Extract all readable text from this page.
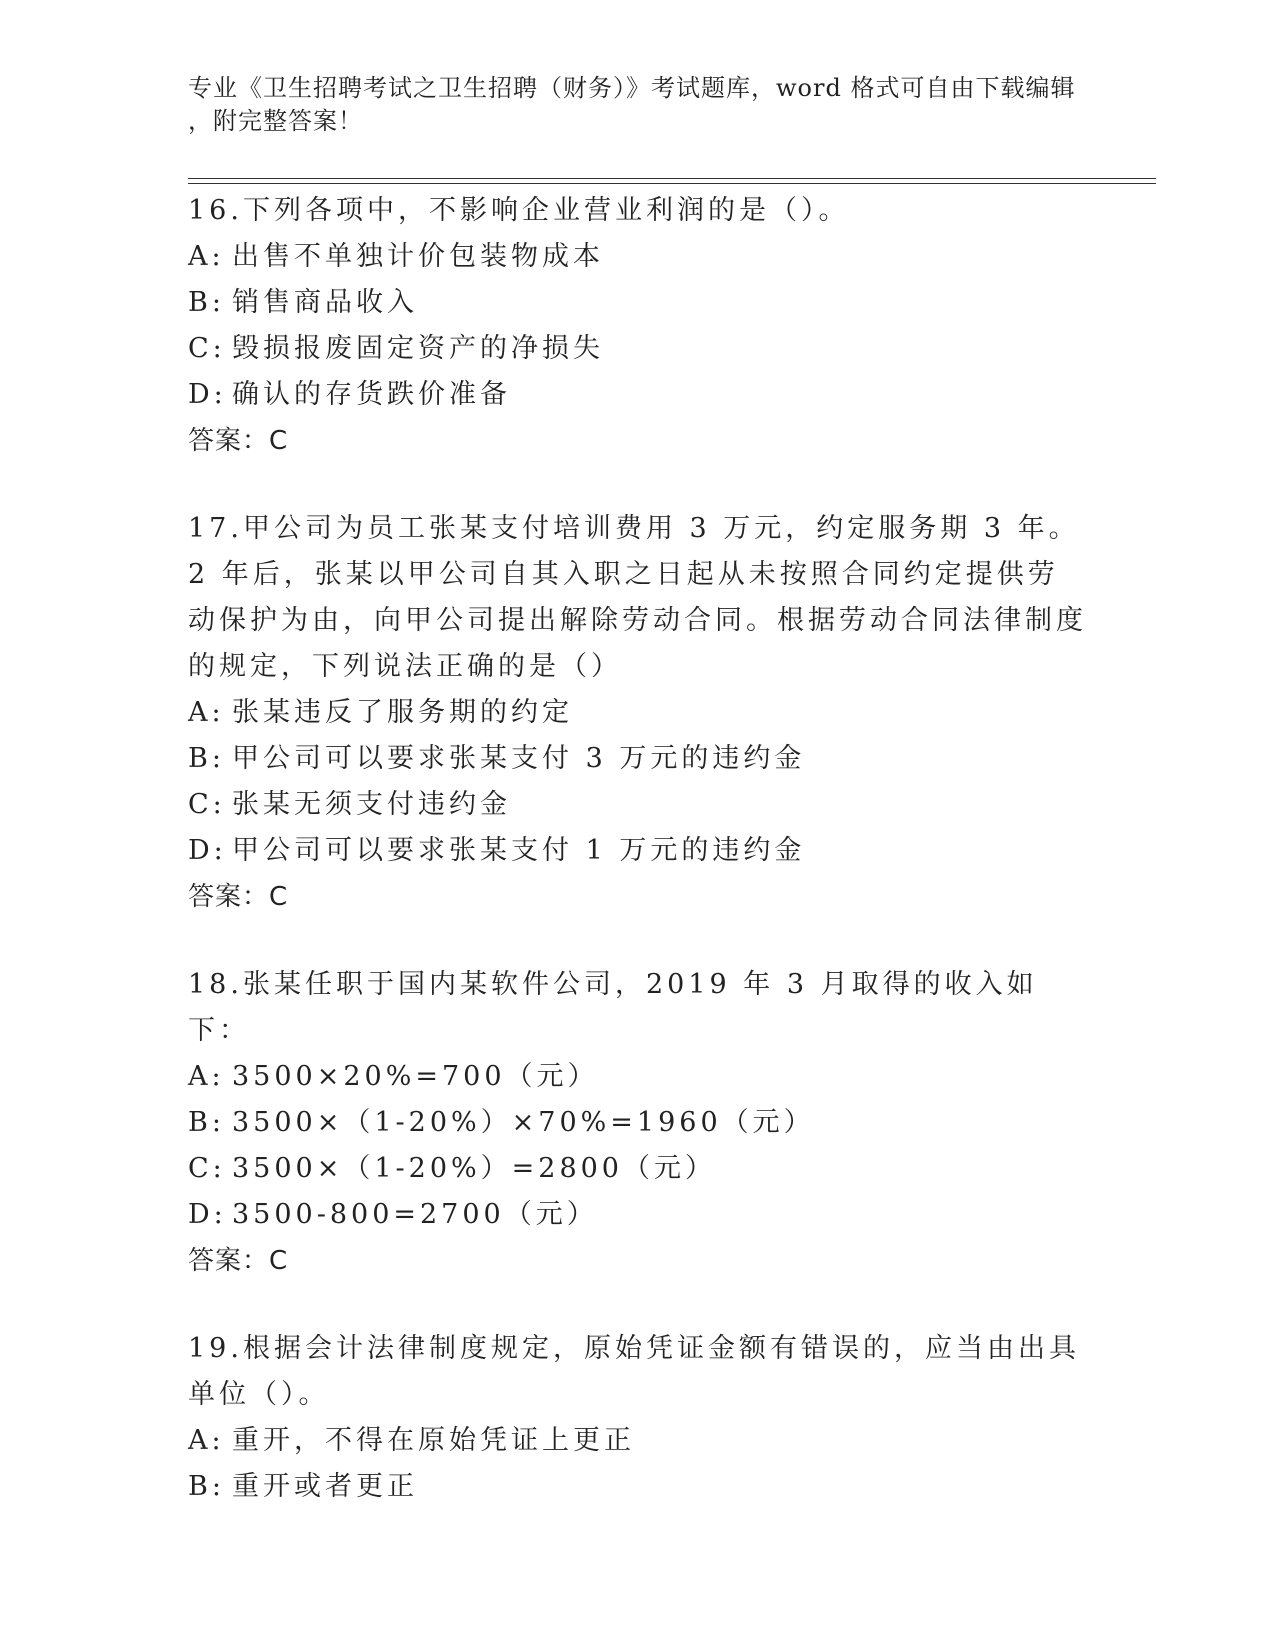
专业《卫生招聘考试之卫生招聘（财务）》考试题库，word 格式可自由下载编辑
，附完整答案！
16.下列各项中，不影响企业营业利润的是（）。
A: 出售不单独计价包装物成本
B: 销售商品收入
C: 毁损报废固定资产的净损失
D: 确认的存货跌价准备
答案：C
17.甲公司为员工张某支付培训费用 3 万元，约定服务期 3 年。2 年后，张某以甲公司自其入职之日起从未按照合同约定提供劳动保护为由，向甲公司提出解除劳动合同。根据劳动合同法律制度的规定，下列说法正确的是（）
A: 张某违反了服务期的约定
B: 甲公司可以要求张某支付 3 万元的违约金
C: 张某无须支付违约金
D: 甲公司可以要求张某支付 1 万元的违约金
答案：C
18.张某任职于国内某软件公司，2019 年 3 月取得的收入如下：
A: 3500×20%=700（元）
B: 3500×（1-20%）×70%=1960（元）
C: 3500×（1-20%）=2800（元）
D: 3500-800=2700（元）
答案：C
19.根据会计法律制度规定，原始凭证金额有错误的，应当由出具单位（）。
A: 重开，不得在原始凭证上更正
B: 重开或者更正
